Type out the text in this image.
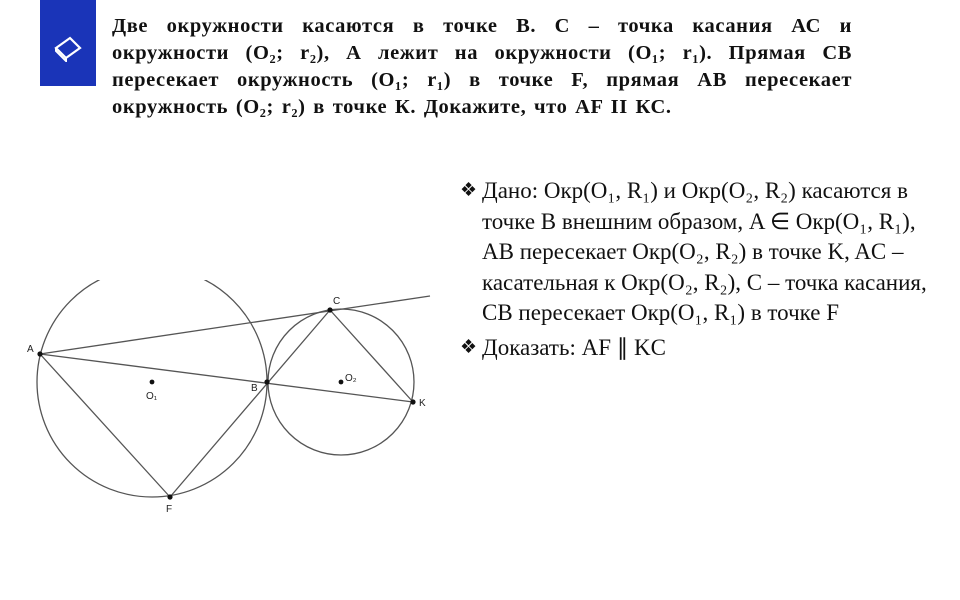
Две окружности касаются в точке В. С – точка касания АС и
окружности (O₂; r₂), А лежит на окружности (O₁; r₁). Прямая СВ
пересекает окружность (O₁; r₁) в точке F, прямая АВ пересекает
окружность (O₂; r₂) в точке К. Докажите, что AF II КС.
A
B
C
F
K
O₁
O₂
❖ Дано: Окр(O₁, R₁) и Окр(O₂, R₂) касаются в точке B внешним образом, A ∈ Окр(O₁, R₁), AB пересекает Окр(O₂, R₂) в точке K, AC – касательная к Окр(O₂, R₂), C – точка касания, CB пересекает Окр(O₁, R₁) в точке F
❖ Доказать: AF ∥ KC
